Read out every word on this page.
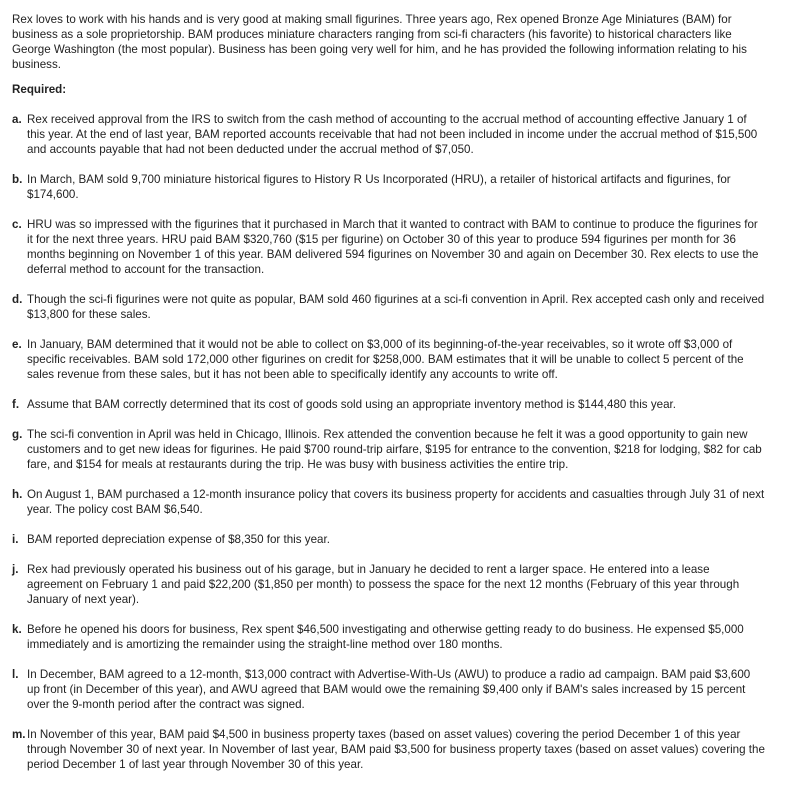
Rex loves to work with his hands and is very good at making small figurines. Three years ago, Rex opened Bronze Age Miniatures (BAM) for business as a sole proprietorship. BAM produces miniature characters ranging from sci-fi characters (his favorite) to historical characters like George Washington (the most popular). Business has been going very well for him, and he has provided the following information relating to his business.

Required:
a. Rex received approval from the IRS to switch from the cash method of accounting to the accrual method of accounting effective January 1 of this year. At the end of last year, BAM reported accounts receivable that had not been included in income under the accrual method of $15,500 and accounts payable that had not been deducted under the accrual method of $7,050.
b. In March, BAM sold 9,700 miniature historical figures to History R Us Incorporated (HRU), a retailer of historical artifacts and figurines, for $174,600.
c. HRU was so impressed with the figurines that it purchased in March that it wanted to contract with BAM to continue to produce the figurines for it for the next three years. HRU paid BAM $320,760 ($15 per figurine) on October 30 of this year to produce 594 figurines per month for 36 months beginning on November 1 of this year. BAM delivered 594 figurines on November 30 and again on December 30. Rex elects to use the deferral method to account for the transaction.
d. Though the sci-fi figurines were not quite as popular, BAM sold 460 figurines at a sci-fi convention in April. Rex accepted cash only and received $13,800 for these sales.
e. In January, BAM determined that it would not be able to collect on $3,000 of its beginning-of-the-year receivables, so it wrote off $3,000 of specific receivables. BAM sold 172,000 other figurines on credit for $258,000. BAM estimates that it will be unable to collect 5 percent of the sales revenue from these sales, but it has not been able to specifically identify any accounts to write off.
f. Assume that BAM correctly determined that its cost of goods sold using an appropriate inventory method is $144,480 this year.
g. The sci-fi convention in April was held in Chicago, Illinois. Rex attended the convention because he felt it was a good opportunity to gain new customers and to get new ideas for figurines. He paid $700 round-trip airfare, $195 for entrance to the convention, $218 for lodging, $82 for cab fare, and $154 for meals at restaurants during the trip. He was busy with business activities the entire trip.
h. On August 1, BAM purchased a 12-month insurance policy that covers its business property for accidents and casualties through July 31 of next year. The policy cost BAM $6,540.
i. BAM reported depreciation expense of $8,350 for this year.
j. Rex had previously operated his business out of his garage, but in January he decided to rent a larger space. He entered into a lease agreement on February 1 and paid $22,200 ($1,850 per month) to possess the space for the next 12 months (February of this year through January of next year).
k. Before he opened his doors for business, Rex spent $46,500 investigating and otherwise getting ready to do business. He expensed $5,000 immediately and is amortizing the remainder using the straight-line method over 180 months.
l. In December, BAM agreed to a 12-month, $13,000 contract with Advertise-With-Us (AWU) to produce a radio ad campaign. BAM paid $3,600 up front (in December of this year), and AWU agreed that BAM would owe the remaining $9,400 only if BAM's sales increased by 15 percent over the 9-month period after the contract was signed.
m. In November of this year, BAM paid $4,500 in business property taxes (based on asset values) covering the period December 1 of this year through November 30 of next year. In November of last year, BAM paid $3,500 for business property taxes (based on asset values) covering the period December 1 of last year through November 30 of this year.
